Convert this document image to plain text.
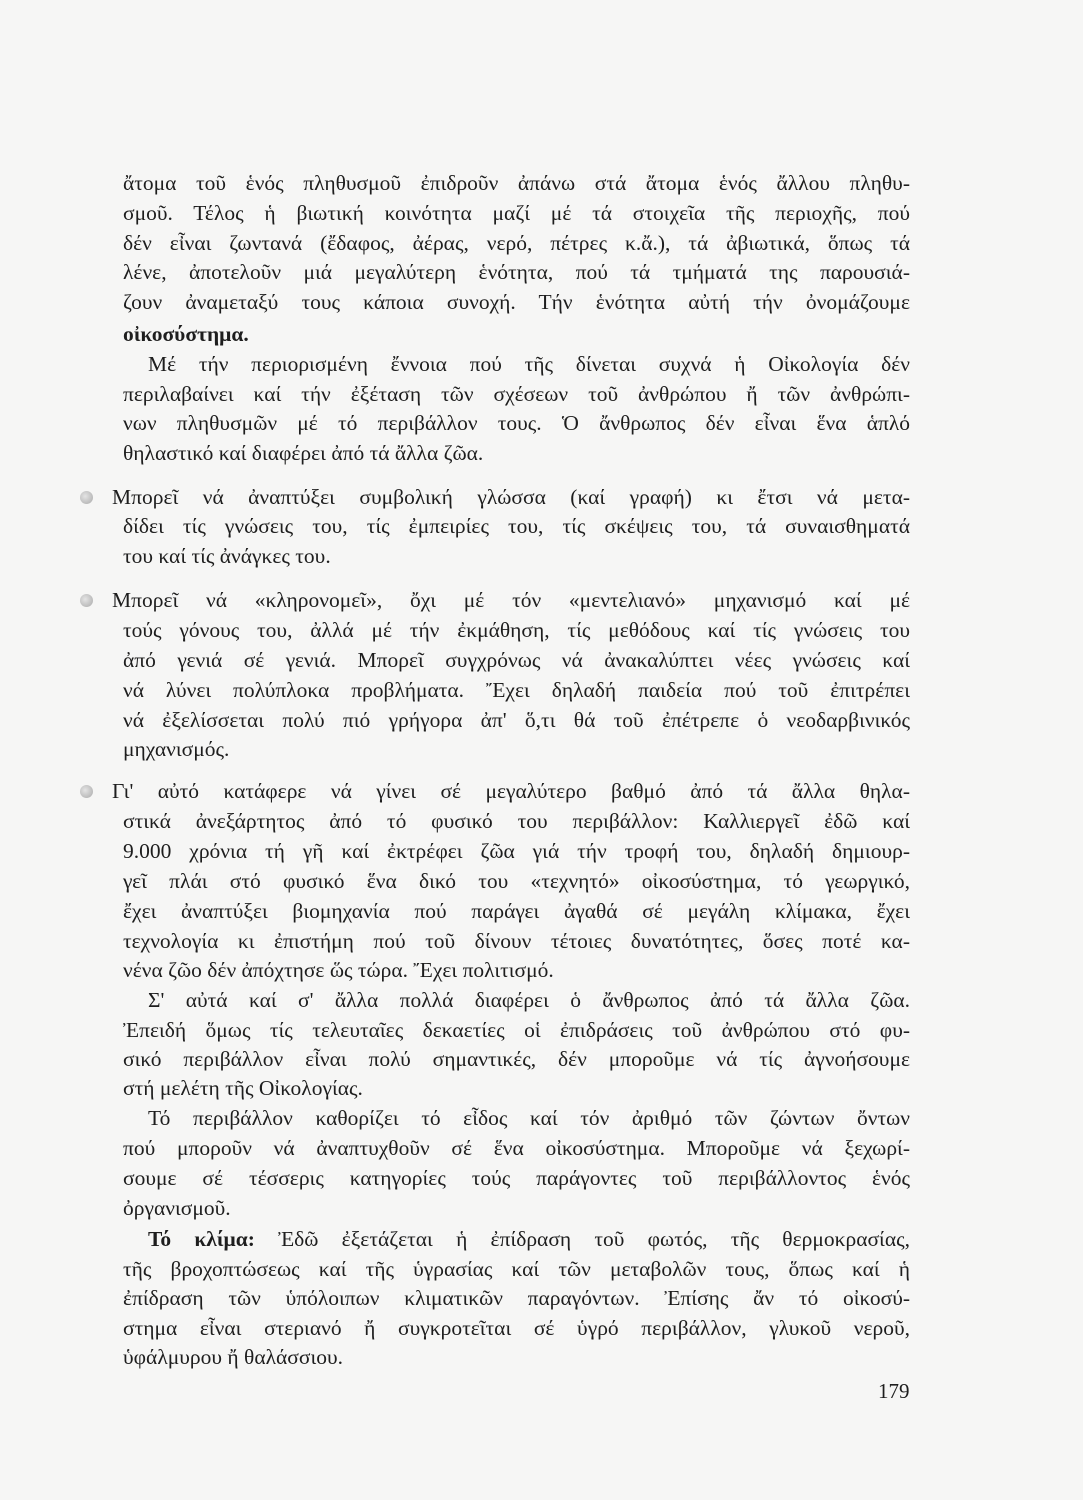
ἄτομα τοῦ ἑνός πληθυσμοῦ ἐπιδροῦν ἀπάνω στά ἄτομα ἑνός ἄλλου πληθυ-
σμοῦ. Τέλος ἡ βιωτική κοινότητα μαζί μέ τά στοιχεῖα τῆς περιοχῆς, πού
δέν εἶναι ζωντανά (ἔδαφος, ἀέρας, νερό, πέτρες κ.ἄ.), τά ἀβιωτικά, ὅπως τά
λένε, ἀποτελοῦν μιά μεγαλύτερη ἑνότητα, πού τά τμήματά της παρουσιά-
ζουν ἀναμεταξύ τους κάποια συνοχή. Τήν ἑνότητα αὐτή τήν ὀνομάζουμε
οἰκοσύστημα.
Μέ τήν περιορισμένη ἔννοια πού τῆς δίνεται συχνά ἡ Οἰκολογία δέν
περιλαβαίνει καί τήν ἐξέταση τῶν σχέσεων τοῦ ἀνθρώπου ἤ τῶν ἀνθρώπι-
νων πληθυσμῶν μέ τό περιβάλλον τους. Ὁ ἄνθρωπος δέν εἶναι ἕνα ἁπλό
θηλαστικό καί διαφέρει ἀπό τά ἄλλα ζῶα.
Μπορεῖ νά ἀναπτύξει συμβολική γλώσσα (καί γραφή) κι ἔτσι νά μετα-
δίδει τίς γνώσεις του, τίς ἐμπειρίες του, τίς σκέψεις του, τά συναισθηματά
του καί τίς ἀνάγκες του.
Μπορεῖ νά «κληρονομεῖ», ὄχι μέ τόν «μεντελιανό» μηχανισμό καί μέ
τούς γόνους του, ἀλλά μέ τήν ἐκμάθηση, τίς μεθόδους καί τίς γνώσεις του
ἀπό γενιά σέ γενιά. Μπορεῖ συγχρόνως νά ἀνακαλύπτει νέες γνώσεις καί
νά λύνει πολύπλοκα προβλήματα. Ἔχει δηλαδή παιδεία πού τοῦ ἐπιτρέπει
νά ἐξελίσσεται πολύ πιό γρήγορα ἀπ' ὅ,τι θά τοῦ ἐπέτρεπε ὁ νεοδαρβινικός
μηχανισμός.
Γι' αὐτό κατάφερε νά γίνει σέ μεγαλύτερο βαθμό ἀπό τά ἄλλα θηλα-
στικά ἀνεξάρτητος ἀπό τό φυσικό του περιβάλλον: Καλλιεργεῖ ἐδῶ καί
9.000 χρόνια τή γῆ καί ἐκτρέφει ζῶα γιά τήν τροφή του, δηλαδή δημιουρ-
γεῖ πλάι στό φυσικό ἕνα δικό του «τεχνητό» οἰκοσύστημα, τό γεωργικό,
ἔχει ἀναπτύξει βιομηχανία πού παράγει ἀγαθά σέ μεγάλη κλίμακα, ἔχει
τεχνολογία κι ἐπιστήμη πού τοῦ δίνουν τέτοιες δυνατότητες, ὅσες ποτέ κα-
νένα ζῶο δέν ἀπόχτησε ὥς τώρα. Ἔχει πολιτισμό.
Σ' αὐτά καί σ' ἄλλα πολλά διαφέρει ὁ ἄνθρωπος ἀπό τά ἄλλα ζῶα.
Ἐπειδή ὅμως τίς τελευταῖες δεκαετίες οἱ ἐπιδράσεις τοῦ ἀνθρώπου στό φυ-
σικό περιβάλλον εἶναι πολύ σημαντικές, δέν μποροῦμε νά τίς ἀγνοήσουμε
στή μελέτη τῆς Οἰκολογίας.
Τό περιβάλλον καθορίζει τό εἶδος καί τόν ἀριθμό τῶν ζώντων ὄντων
πού μποροῦν νά ἀναπτυχθοῦν σέ ἕνα οἰκοσύστημα. Μποροῦμε νά ξεχωρί-
σουμε σέ τέσσερις κατηγορίες τούς παράγοντες τοῦ περιβάλλοντος ἑνός
ὀργανισμοῦ.
Τό κλίμα: Ἐδῶ ἐξετάζεται ἡ ἐπίδραση τοῦ φωτός, τῆς θερμοκρασίας,
τῆς βροχοπτώσεως καί τῆς ὑγρασίας καί τῶν μεταβολῶν τους, ὅπως καί ἡ
ἐπίδραση τῶν ὑπόλοιπων κλιματικῶν παραγόντων. Ἐπίσης ἄν τό οἰκοσύ-
στημα εἶναι στεριανό ἤ συγκροτεῖται σέ ὑγρό περιβάλλον, γλυκοῦ νεροῦ,
ὑφάλμυρου ἤ θαλάσσιου.
179
